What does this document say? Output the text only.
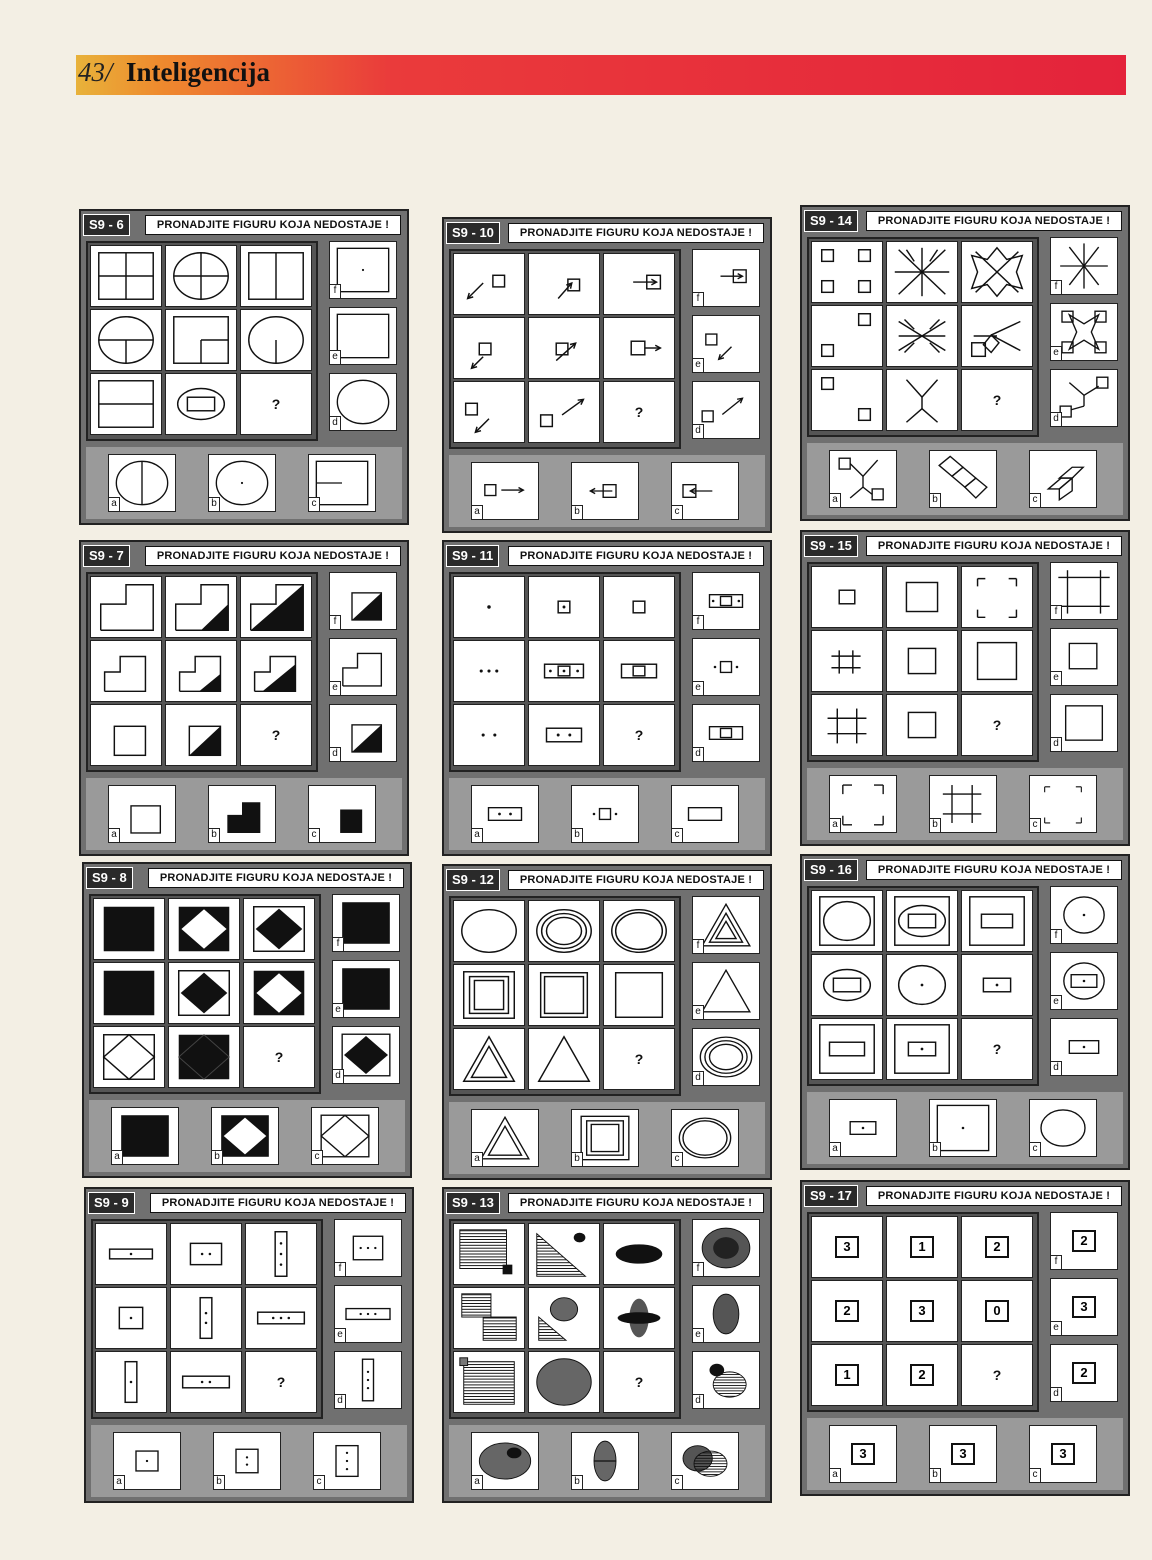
43/ Inteligencija
S9 - 6	PRONADJITE FIGURU KOJA NEDOSTAJE !
?
f
e
d
a	b	c
S9 - 7	PRONADJITE FIGURU KOJA NEDOSTAJE !
?
f
e
d
a	b	c
S9 - 8	PRONADJITE FIGURU KOJA NEDOSTAJE !
?
f
e
d
a	b	c
S9 - 9	PRONADJITE FIGURU KOJA NEDOSTAJE !
?
f
e
d
a	b	c
S9 - 10	PRONADJITE FIGURU KOJA NEDOSTAJE !
?
f
e
d
a	b	c
S9 - 11	PRONADJITE FIGURU KOJA NEDOSTAJE !
?
f
e
d
a	b	c
S9 - 12	PRONADJITE FIGURU KOJA NEDOSTAJE !
?
f
e
d
a	b	c
S9 - 13	PRONADJITE FIGURU KOJA NEDOSTAJE !
?
f
e
d
a	b	c
S9 - 14	PRONADJITE FIGURU KOJA NEDOSTAJE !
?
f
e
d
a	b	c
S9 - 15	PRONADJITE FIGURU KOJA NEDOSTAJE !
?
f
e
d
a	b	c
S9 - 16	PRONADJITE FIGURU KOJA NEDOSTAJE !
?
f
e
d
a	b	c
S9 - 17	PRONADJITE FIGURU KOJA NEDOSTAJE !
3	1	2
2	3	0
1	2	?
2
f
3
e
2
d
3
a
3
b
3
c
